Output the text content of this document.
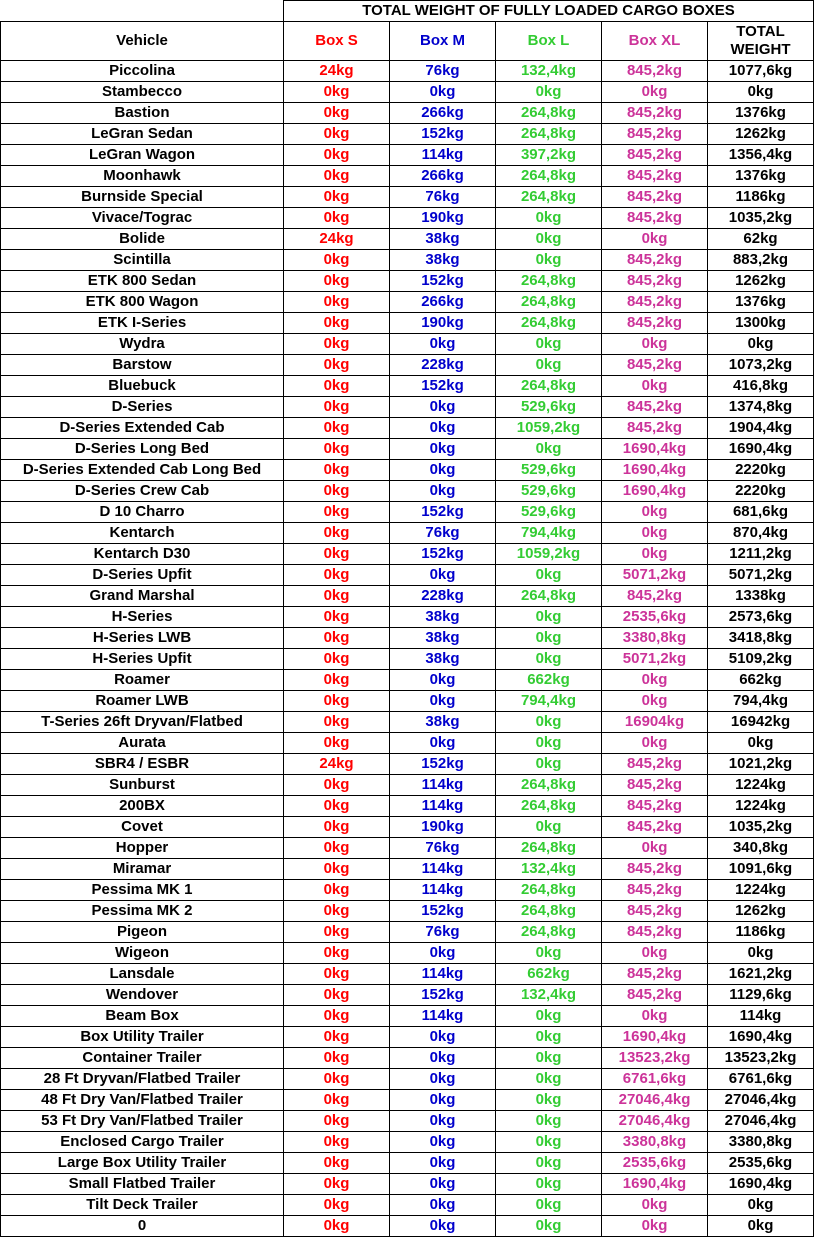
	TOTAL WEIGHT OF FULLY LOADED CARGO BOXES				
Vehicle	Box S	Box M	Box L	Box XL	TOTAL WEIGHT
Piccolina	24kg	76kg	132,4kg	845,2kg	1077,6kg
Stambecco	0kg	0kg	0kg	0kg	0kg
Bastion	0kg	266kg	264,8kg	845,2kg	1376kg
LeGran Sedan	0kg	152kg	264,8kg	845,2kg	1262kg
LeGran Wagon	0kg	114kg	397,2kg	845,2kg	1356,4kg
Moonhawk	0kg	266kg	264,8kg	845,2kg	1376kg
Burnside Special	0kg	76kg	264,8kg	845,2kg	1186kg
Vivace/Tograc	0kg	190kg	0kg	845,2kg	1035,2kg
Bolide	24kg	38kg	0kg	0kg	62kg
Scintilla	0kg	38kg	0kg	845,2kg	883,2kg
ETK 800 Sedan	0kg	152kg	264,8kg	845,2kg	1262kg
ETK 800 Wagon	0kg	266kg	264,8kg	845,2kg	1376kg
ETK I-Series	0kg	190kg	264,8kg	845,2kg	1300kg
Wydra	0kg	0kg	0kg	0kg	0kg
Barstow	0kg	228kg	0kg	845,2kg	1073,2kg
Bluebuck	0kg	152kg	264,8kg	0kg	416,8kg
D-Series	0kg	0kg	529,6kg	845,2kg	1374,8kg
D-Series Extended Cab	0kg	0kg	1059,2kg	845,2kg	1904,4kg
D-Series Long Bed	0kg	0kg	0kg	1690,4kg	1690,4kg
D-Series Extended Cab Long Bed	0kg	0kg	529,6kg	1690,4kg	2220kg
D-Series Crew Cab	0kg	0kg	529,6kg	1690,4kg	2220kg
D 10 Charro	0kg	152kg	529,6kg	0kg	681,6kg
Kentarch	0kg	76kg	794,4kg	0kg	870,4kg
Kentarch D30	0kg	152kg	1059,2kg	0kg	1211,2kg
D-Series Upfit	0kg	0kg	0kg	5071,2kg	5071,2kg
Grand Marshal	0kg	228kg	264,8kg	845,2kg	1338kg
H-Series	0kg	38kg	0kg	2535,6kg	2573,6kg
H-Series LWB	0kg	38kg	0kg	3380,8kg	3418,8kg
H-Series Upfit	0kg	38kg	0kg	5071,2kg	5109,2kg
Roamer	0kg	0kg	662kg	0kg	662kg
Roamer LWB	0kg	0kg	794,4kg	0kg	794,4kg
T-Series 26ft Dryvan/Flatbed	0kg	38kg	0kg	16904kg	16942kg
Aurata	0kg	0kg	0kg	0kg	0kg
SBR4 / ESBR	24kg	152kg	0kg	845,2kg	1021,2kg
Sunburst	0kg	114kg	264,8kg	845,2kg	1224kg
200BX	0kg	114kg	264,8kg	845,2kg	1224kg
Covet	0kg	190kg	0kg	845,2kg	1035,2kg
Hopper	0kg	76kg	264,8kg	0kg	340,8kg
Miramar	0kg	114kg	132,4kg	845,2kg	1091,6kg
Pessima MK 1	0kg	114kg	264,8kg	845,2kg	1224kg
Pessima MK 2	0kg	152kg	264,8kg	845,2kg	1262kg
Pigeon	0kg	76kg	264,8kg	845,2kg	1186kg
Wigeon	0kg	0kg	0kg	0kg	0kg
Lansdale	0kg	114kg	662kg	845,2kg	1621,2kg
Wendover	0kg	152kg	132,4kg	845,2kg	1129,6kg
Beam Box	0kg	114kg	0kg	0kg	114kg
Box Utility Trailer	0kg	0kg	0kg	1690,4kg	1690,4kg
Container Trailer	0kg	0kg	0kg	13523,2kg	13523,2kg
28 Ft Dryvan/Flatbed Trailer	0kg	0kg	0kg	6761,6kg	6761,6kg
48 Ft Dry Van/Flatbed Trailer	0kg	0kg	0kg	27046,4kg	27046,4kg
53 Ft Dry Van/Flatbed Trailer	0kg	0kg	0kg	27046,4kg	27046,4kg
Enclosed Cargo Trailer	0kg	0kg	0kg	3380,8kg	3380,8kg
Large Box Utility Trailer	0kg	0kg	0kg	2535,6kg	2535,6kg
Small Flatbed Trailer	0kg	0kg	0kg	1690,4kg	1690,4kg
Tilt Deck Trailer	0kg	0kg	0kg	0kg	0kg
0	0kg	0kg	0kg	0kg	0kg
